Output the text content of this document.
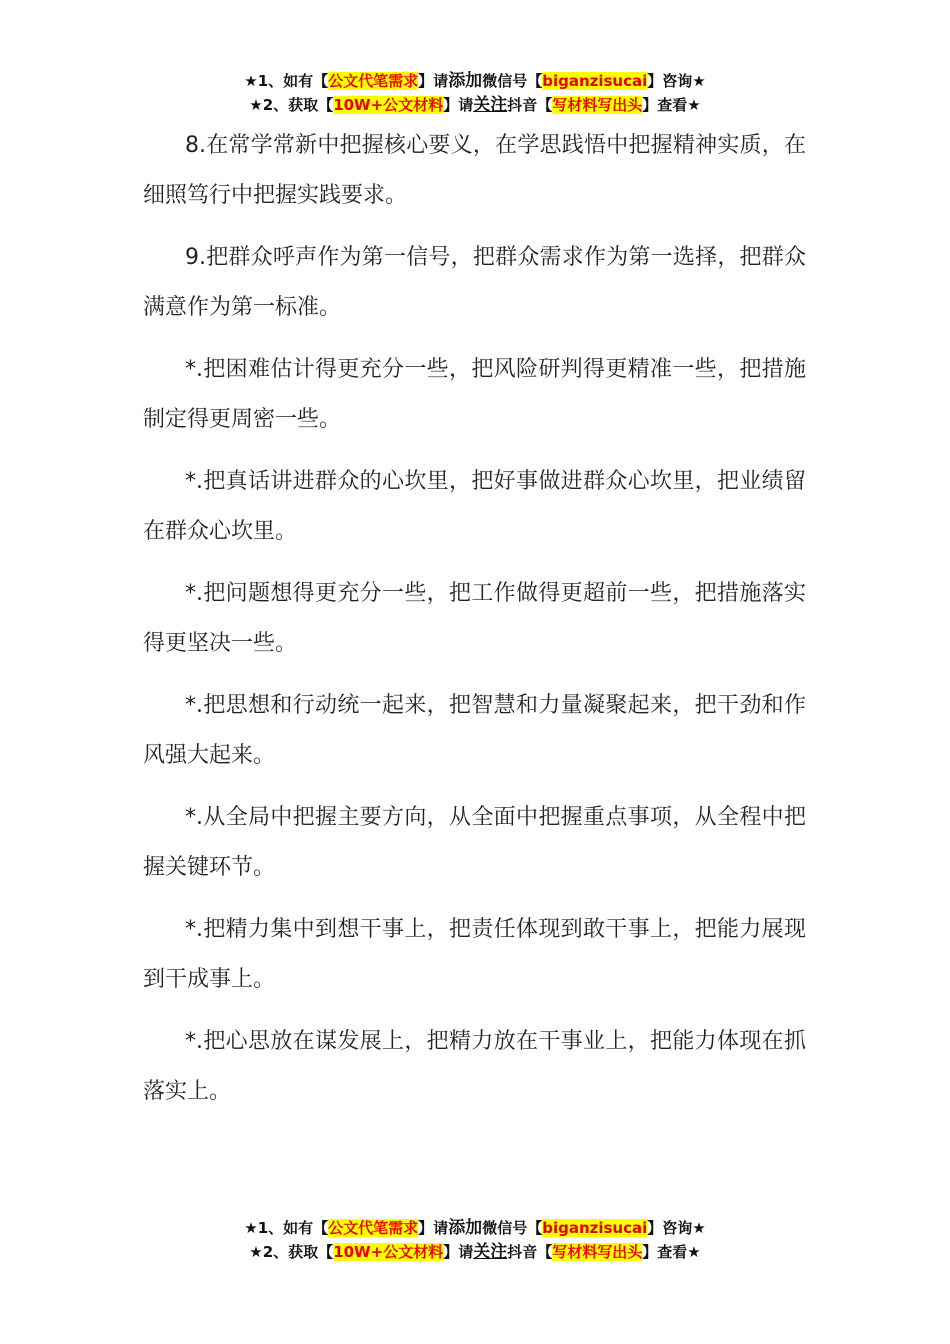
★1、如有【公文代笔需求】请添加微信号【biganzisucai】咨询★
★2、获取【10W+公文材料】请关注抖音【写材料写出头】查看★

8.在常学常新中把握核心要义，在学思践悟中把握精神实质，在细照笃行中把握实践要求。

9.把群众呼声作为第一信号，把群众需求作为第一选择，把群众满意作为第一标准。

*.把困难估计得更充分一些，把风险研判得更精准一些，把措施制定得更周密一些。

*.把真话讲进群众的心坎里，把好事做进群众心坎里，把业绩留在群众心坎里。

*.把问题想得更充分一些，把工作做得更超前一些，把措施落实得更坚决一些。

*.把思想和行动统一起来，把智慧和力量凝聚起来，把干劲和作风强大起来。

*.从全局中把握主要方向，从全面中把握重点事项，从全程中把握关键环节。

*.把精力集中到想干事上，把责任体现到敢干事上，把能力展现到干成事上。

*.把心思放在谋发展上，把精力放在干事业上，把能力体现在抓落实上。

★1、如有【公文代笔需求】请添加微信号【biganzisucai】咨询★
★2、获取【10W+公文材料】请关注抖音【写材料写出头】查看★
